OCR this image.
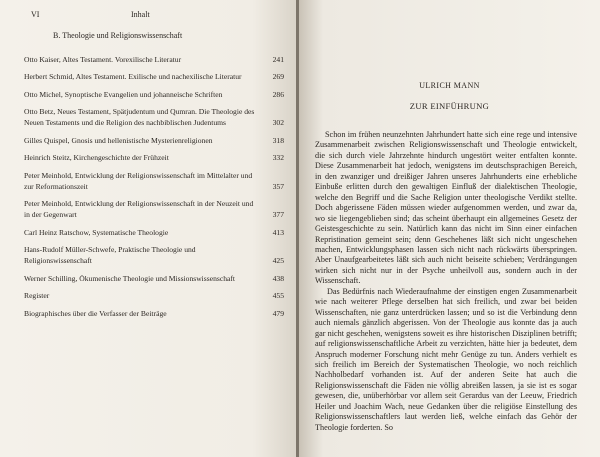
VI	Inhalt
B. Theologie und Religionswissenschaft
Otto Kaiser, Altes Testament. Vorexilische Literatur	241
Herbert Schmid, Altes Testament. Exilische und nachexilische Literatur	269
Otto Michel, Synoptische Evangelien und johanneische Schriften	286
Otto Betz, Neues Testament, Spätjudentum und Qumran. Die Theologie des Neuen Testaments und die Religion des nachbiblischen Judentums	302
Gilles Quispel, Gnosis und hellenistische Mysterienreligionen	318
Heinrich Steitz, Kirchengeschichte der Frühzeit	332
Peter Meinhold, Entwicklung der Religionswissenschaft im Mittelalter und zur Reformationszeit	357
Peter Meinhold, Entwicklung der Religionswissenschaft in der Neuzeit und in der Gegenwart	377
Carl Heinz Ratschow, Systematische Theologie	413
Hans-Rudolf Müller-Schwefe, Praktische Theologie und Religionswissenschaft	425
Werner Schilling, Ökumenische Theologie und Missionswissenschaft	438
Register	455
Biographisches über die Verfasser der Beiträge	479
ULRICH MANN
ZUR EINFÜHRUNG

Schon im frühen neunzehnten Jahrhundert hatte sich eine rege und intensive Zusammenarbeit zwischen Religionswissenschaft und Theologie entwickelt, die sich durch viele Jahrzehnte hindurch ungestört weiter entfalten konnte. Diese Zusammenarbeit hat jedoch, wenigstens im deutschsprachigen Bereich, in den zwanziger und dreißiger Jahren unseres Jahrhunderts eine erhebliche Einbuße erlitten durch den gewaltigen Einfluß der dialektischen Theologie, welche den Begriff und die Sache Religion unter theologische Verdikt stellte. Doch abgerissene Fäden müssen wieder aufgenommen werden, und zwar da, wo sie liegengeblieben sind; das scheint überhaupt ein allgemeines Gesetz der Geistesgeschichte zu sein. Natürlich kann das nicht im Sinn einer einfachen Repristination gemeint sein; denn Geschehenes läßt sich nicht ungeschehen machen, Entwicklungsphasen lassen sich nicht nach rückwärts überspringen. Aber Unaufgearbeitetes läßt sich auch nicht beiseite schieben; Verdrängungen wirken sich nicht nur in der Psyche unheilvoll aus, sondern auch in der Wissenschaft.

Das Bedürfnis nach Wiederaufnahme der einstigen engen Zusammenarbeit wie nach weiterer Pflege derselben hat sich freilich, und zwar bei beiden Wissenschaften, nie ganz unterdrücken lassen; und so ist die Verbindung denn auch niemals gänzlich abgerissen. Von der Theologie aus konnte das ja auch gar nicht geschehen, wenigstens soweit es ihre historischen Disziplinen betrifft; auf religionswissenschaftliche Arbeit zu verzichten, hätte hier ja bedeutet, dem Anspruch moderner Forschung nicht mehr Genüge zu tun. Anders verhielt es sich freilich im Bereich der Systematischen Theologie, wo noch reichlich Nachholbedarf vorhanden ist. Auf der anderen Seite hat auch die Religionswissenschaft die Fäden nie völlig abreißen lassen, ja sie ist es sogar gewesen, die, unüberhörbar vor allem seit Gerardus van der Leeuw, Friedrich Heiler und Joachim Wach, neue Gedanken über die religiöse Einstellung des Religionswissenschaftlers laut werden ließ, welche einfach das Gehör der Theologie forderten. So
